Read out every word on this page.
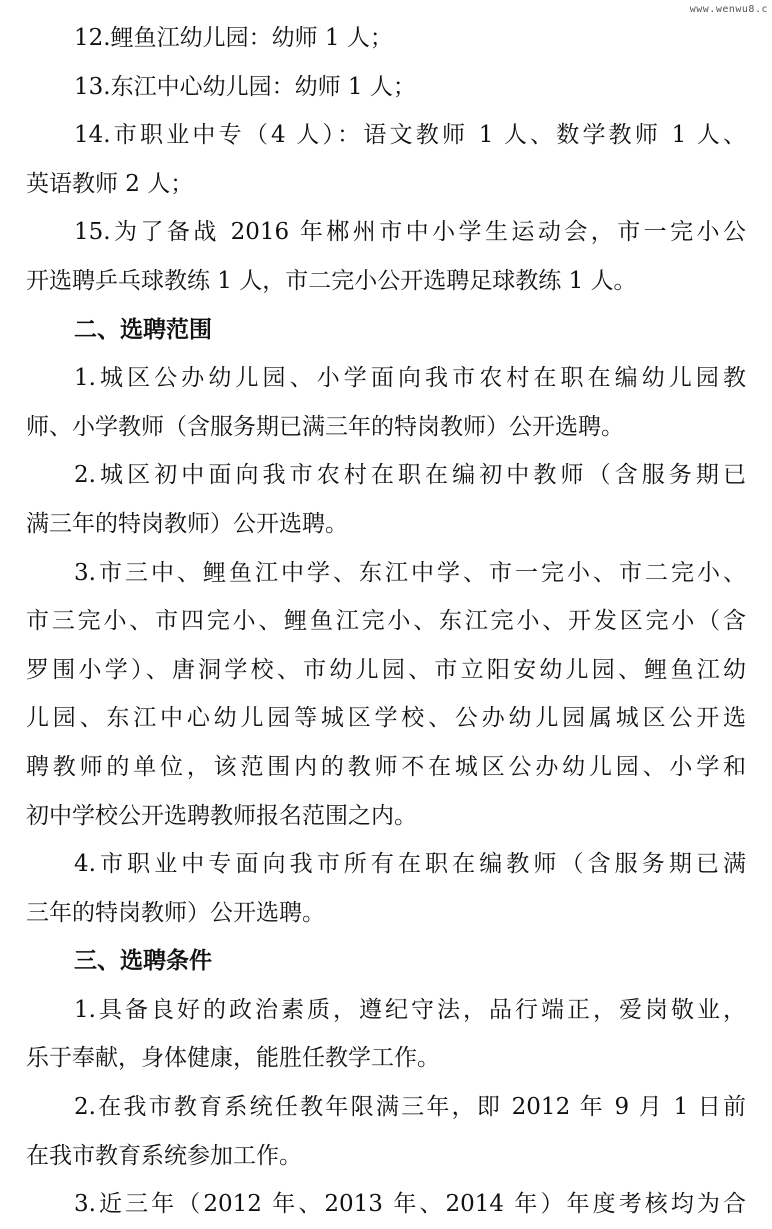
www.wenwu8.c
12.鲤鱼江幼儿园：幼师 1 人；
13.东江中心幼儿园：幼师 1 人；
14.市职业中专（4 人）：语文教师 1 人、数学教师 1 人、
英语教师 2 人；
15.为了备战 2016 年郴州市中小学生运动会，市一完小公
开选聘乒乓球教练 1 人，市二完小公开选聘足球教练 1 人。
二、选聘范围
1.城区公办幼儿园、小学面向我市农村在职在编幼儿园教
师、小学教师（含服务期已满三年的特岗教师）公开选聘。
2.城区初中面向我市农村在职在编初中教师（含服务期已
满三年的特岗教师）公开选聘。
3.市三中、鲤鱼江中学、东江中学、市一完小、市二完小、
市三完小、市四完小、鲤鱼江完小、东江完小、开发区完小（含
罗围小学）、唐洞学校、市幼儿园、市立阳安幼儿园、鲤鱼江幼
儿园、东江中心幼儿园等城区学校、公办幼儿园属城区公开选
聘教师的单位，该范围内的教师不在城区公办幼儿园、小学和
初中学校公开选聘教师报名范围之内。
4.市职业中专面向我市所有在职在编教师（含服务期已满
三年的特岗教师）公开选聘。
三、选聘条件
1.具备良好的政治素质，遵纪守法，品行端正，爱岗敬业，
乐于奉献，身体健康，能胜任教学工作。
2.在我市教育系统任教年限满三年，即 2012 年 9 月 1 日前
在我市教育系统参加工作。
3.近三年（2012 年、2013 年、2014 年）年度考核均为合
